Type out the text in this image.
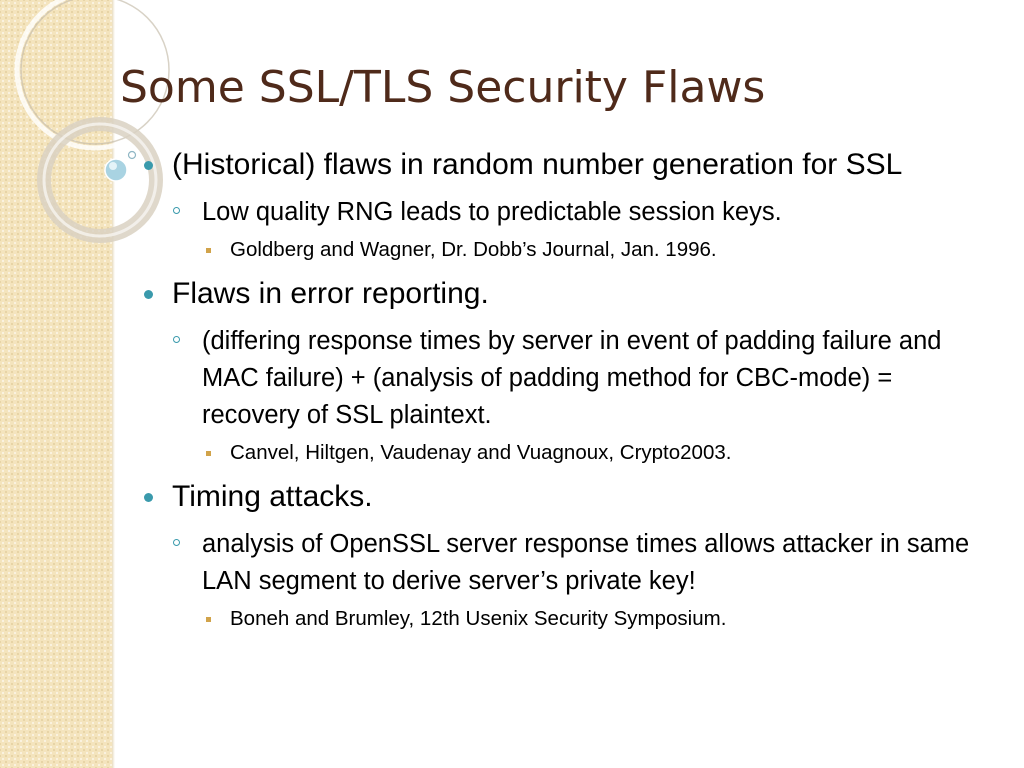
Some SSL/TLS Security Flaws
(Historical) flaws in random number generation for SSL
Low quality RNG leads to predictable session keys.
Goldberg and Wagner, Dr. Dobb’s Journal, Jan. 1996.
Flaws in error reporting.
(differing response times by server in event of padding failure and MAC failure) + (analysis of padding method for CBC-mode) = recovery of SSL plaintext.
Canvel, Hiltgen, Vaudenay and Vuagnoux, Crypto2003.
Timing attacks.
analysis of OpenSSL server response times allows attacker in same LAN segment to derive server’s private key!
Boneh and Brumley, 12th Usenix Security Symposium.
